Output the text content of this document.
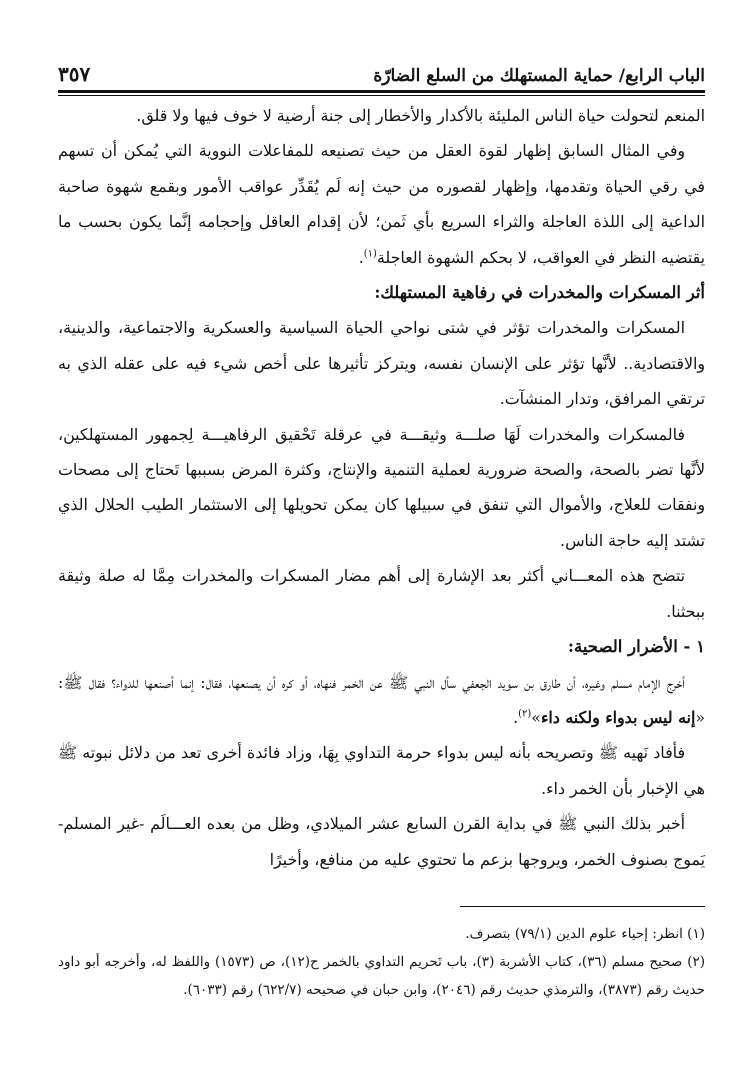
الباب الرابع/ حماية المستهلك من السلع الضارّة
٣٥٧

المنعم لتحولت حياة الناس المليئة بالأكدار والأخطار إلى جنة أرضية لا خوف فيها ولا قلق.

وفي المثال السابق إظهار لقوة العقل من حيث تصنيعه للمفاعلات النووية التي يُمكن أن تسهم في رقي الحياة وتقدمها، وإظهار لقصوره من حيث إنه لَم يُقَدِّر عواقب الأمور وبقمع شهوة صاحبة الداعية إلى اللذة العاجلة والثراء السريع بأي ثَمن؛ لأن إقدام العاقل وإحجامه إنَّما يكون بحسب ما يقتضيه النظر في العواقب، لا بحكم الشهوة العاجلة$^{(١)}$.

أثر المسكرات والمخدرات في رفاهية المستهلك:

المسكرات والمخدرات تؤثر في شتى نواحي الحياة السياسية والعسكرية والاجتماعية، والدينية، والاقتصادية.. لأنَّها تؤثر على الإنسان نفسه، ويتركز تأثيرها على أخص شيء فيه على عقله الذي به ترتقي المرافق، وتدار المنشآت.

فالمسكرات والمخدرات لَهَا صلـــة وثيقـــة في عرقلة تَحْقيق الرفاهيـــة لِجمهور المستهلكين، لأنَّها تضر بالصحة، والصحة ضرورية لعملية التنمية والإنتاج، وكثرة المرض بسببها تَحتاج إلى مصحات ونفقات للعلاج، والأموال التي تنفق في سبيلها كان يمكن تحويلها إلى الاستثمار الطيب الحلال الذي تشتد إليه حاجة الناس.

تتضح هذه المعـــاني أكثر بعد الإشارة إلى أهم مضار المسكرات والمخدرات مِمَّا له صلة وثيقة ببحثنا.

١ - الأضرار الصحية:

أخرج الإمام مسلم وغيره، أن طارق بن سويد الجعفي سأل النبي ﷺ عن الخمر فنهاه، أو كره أن يصنعها، فقال: إنما أصنعها للدواء؟ فقال ﷺ: «إنه ليس بدواء ولكنه داء»$^{(٢)}$.

فأفاد نَهيه ﷺ وتصريحه بأنه ليس بدواء حرمة التداوي بِهَا، وزاد فائدة أخرى تعد من دلائل نبوته ﷺ هي الإخبار بأن الخمر داء.

أخبر بذلك النبي ﷺ في بداية القرن السابع عشر الميلادي، وظل من بعده العـــالَم -غير المسلم- يَموج بصنوف الخمر، ويروجها بزعم ما تحتوي عليه من منافع، وأخيرًا

(١) انظر: إحياء علوم الدين (٧٩/١) بتصرف.

(٢) صحيح مسلم (٣٦)، كتاب الأشربة (٣)، باب تَحريم التداوي بالخمر ح(١٢)، ص (١٥٧٣) واللفظ له، وأخرجه أبو داود حديث رقم (٣٨٧٣)، والترمذي حديث رقم (٢٠٤٦)، وابن حبان في صحيحه (٦٢٢/٧) رقم (٦٠٣٣).
